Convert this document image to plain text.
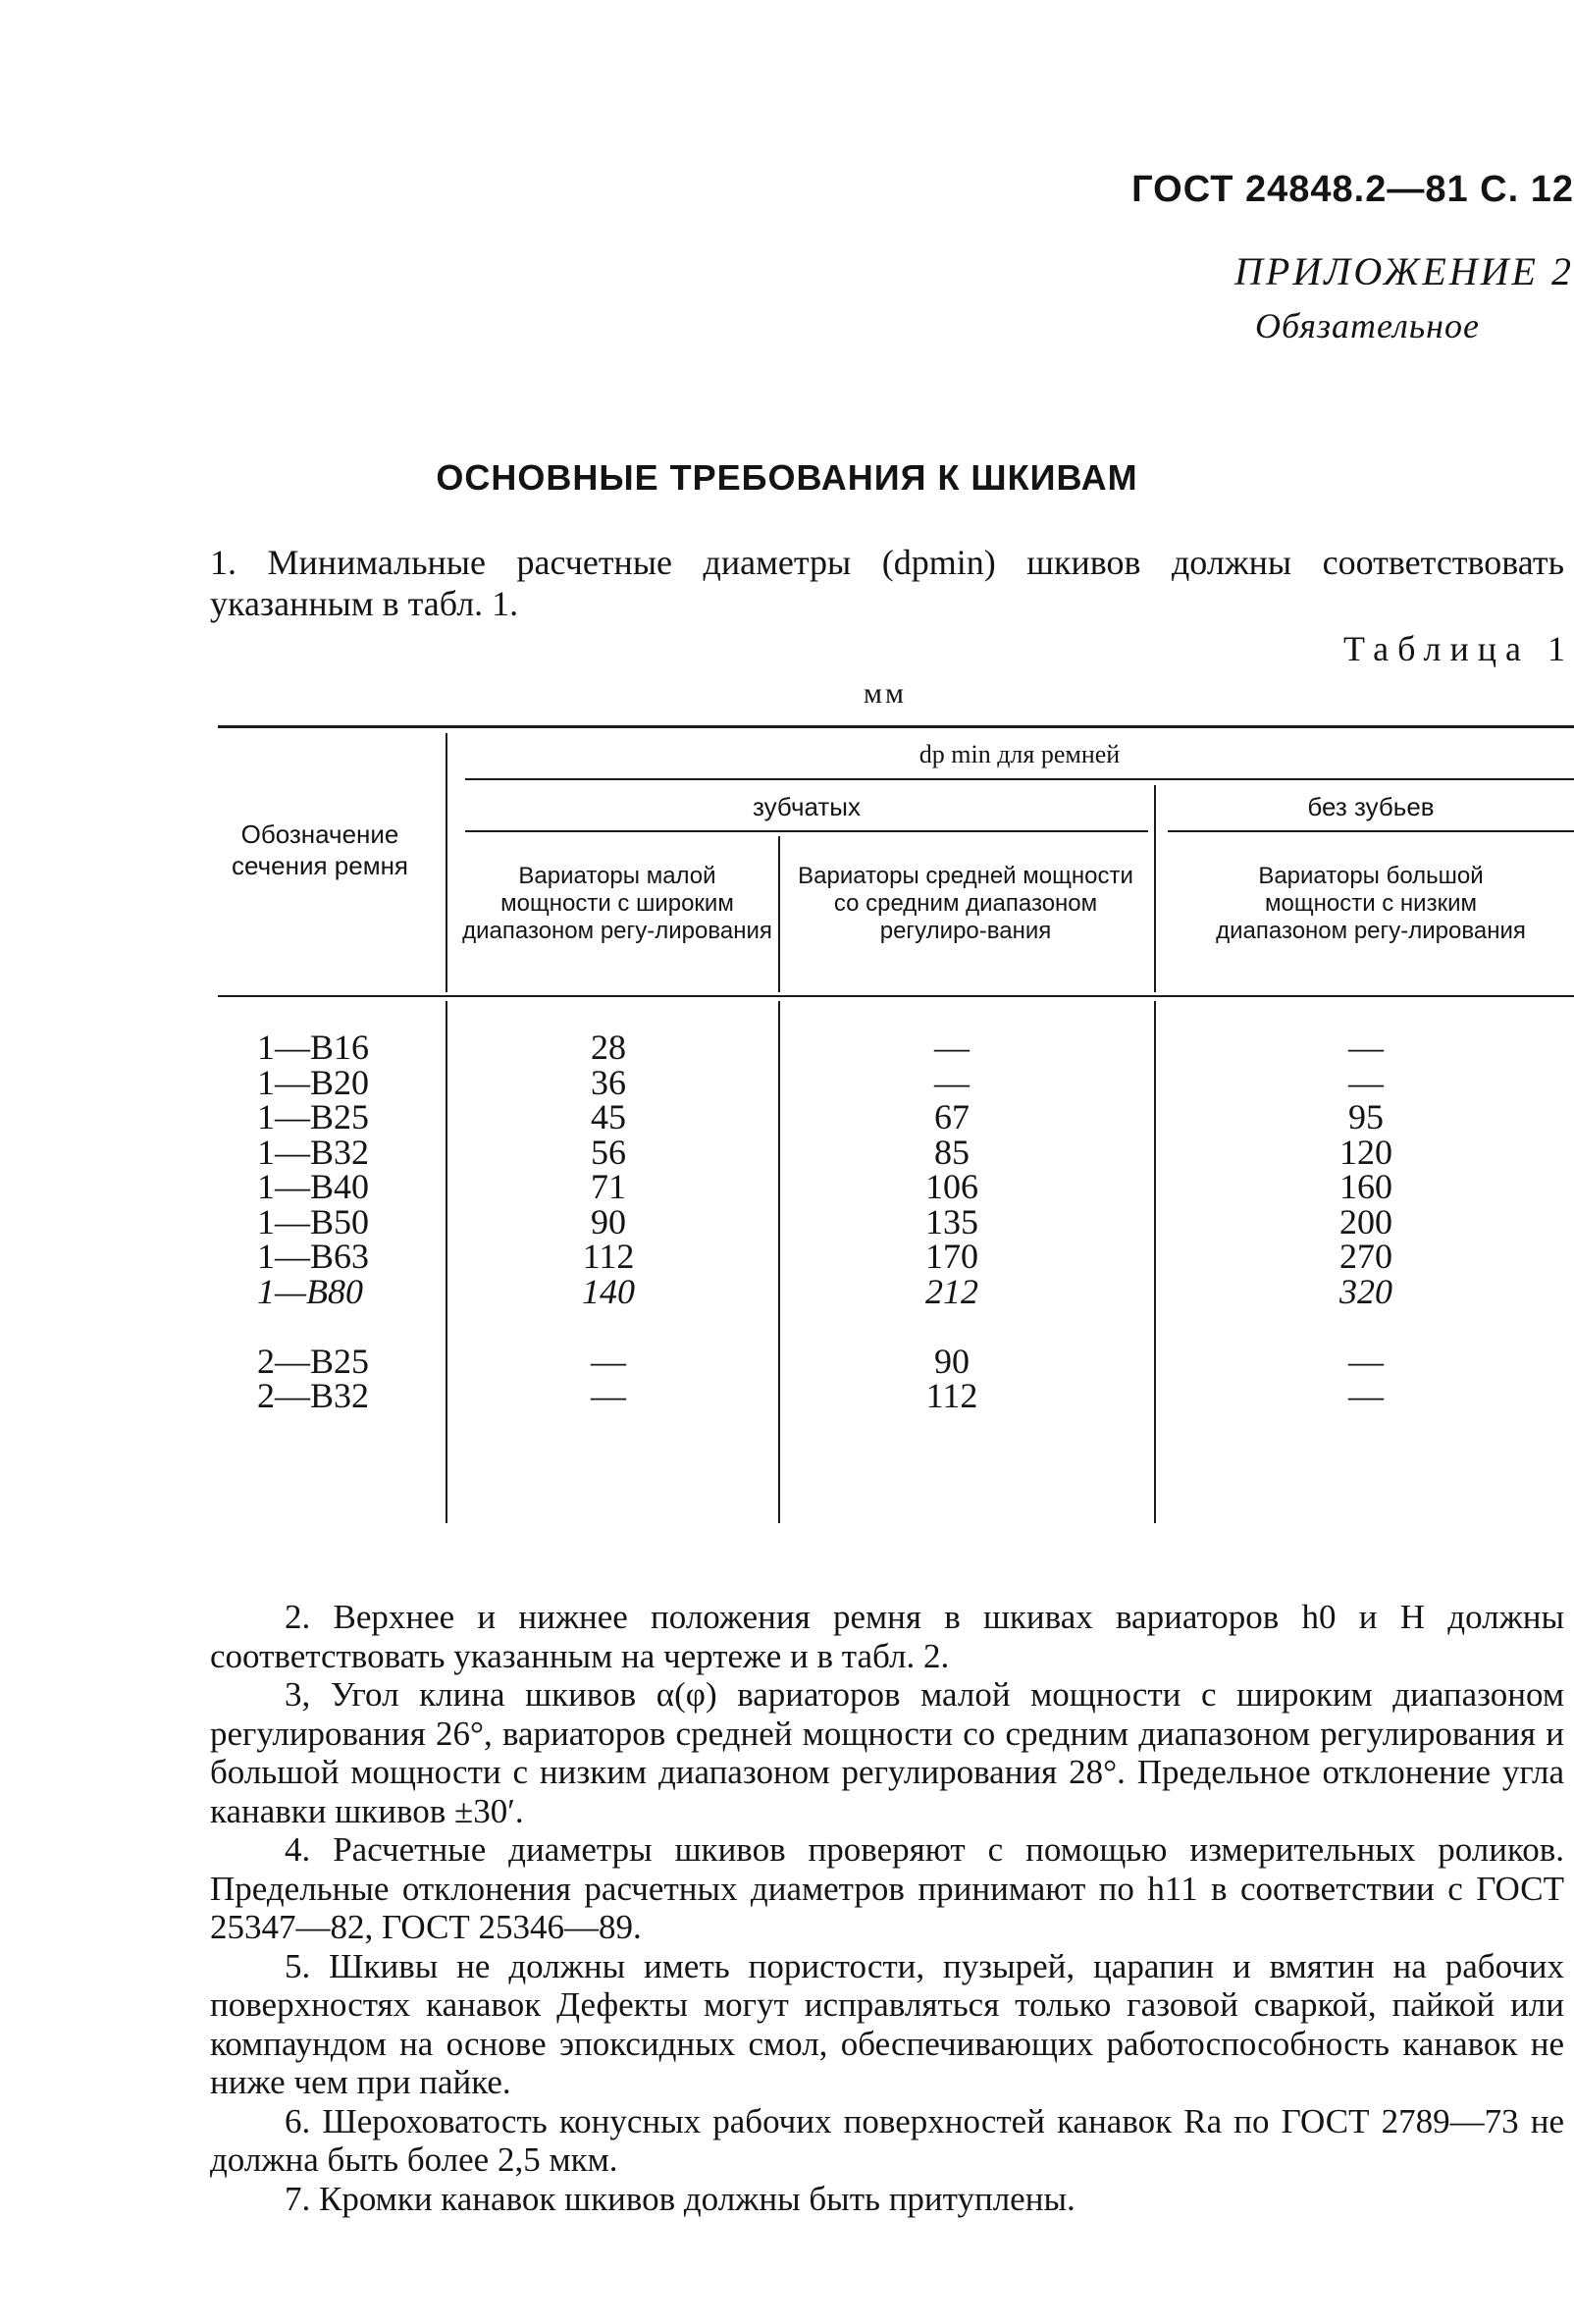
ГОСТ 24848.2—81 С. 12
ПРИЛОЖЕНИЕ 2
Обязательное
ОСНОВНЫЕ ТРЕБОВАНИЯ К ШКИВАМ
1. Минимальные расчетные диаметры (dpmin) шкивов должны соответствовать указанным в табл. 1.
Таблица 1
мм
Обозначение сечения ремня
dp min для ремней
зубчатых	без зубьев
Вариаторы малой мощности с широким диапазоном регу-лирования
Вариаторы средней мощности со средним диапазоном регулиро-вания
Вариаторы большой мощности с низким диапазоном регу-лирования
1—В16
1—В20
1—В25
1—В32
1—В40
1—В50
1—В63
1—В80
2—В25
2—В32
28
36
45
56
71
90
112
140
—
—
—
—
67
85
106
135
170
212
90
112
—
—
95
120
160
200
270
320
—
—

2. Верхнее и нижнее положения ремня в шкивах вариаторов h0 и H должны соответствовать указанным на чертеже и в табл. 2.

3, Угол клина шкивов α(φ) вариаторов малой мощности с широким диапазоном регулирования 26°, вариаторов средней мощности со средним диапазоном регулирования и большой мощности с низким диапазоном регулирования 28°. Предельное отклонение угла канавки шкивов ±30′.

4. Расчетные диаметры шкивов проверяют с помощью измерительных роликов. Предельные отклонения расчетных диаметров принимают по h11 в соответствии с ГОСТ 25347—82, ГОСТ 25346—89.

5. Шкивы не должны иметь пористости, пузырей, царапин и вмятин на рабочих поверхностях канавок Дефекты могут исправляться только газовой сваркой, пайкой или компаундом на основе эпоксидных смол, обеспечивающих работоспособность канавок не ниже чем при пайке.

6. Шероховатость конусных рабочих поверхностей канавок Ra по ГОСТ 2789—73 не должна быть более 2,5 мкм.

7. Кромки канавок шкивов должны быть притуплены.
